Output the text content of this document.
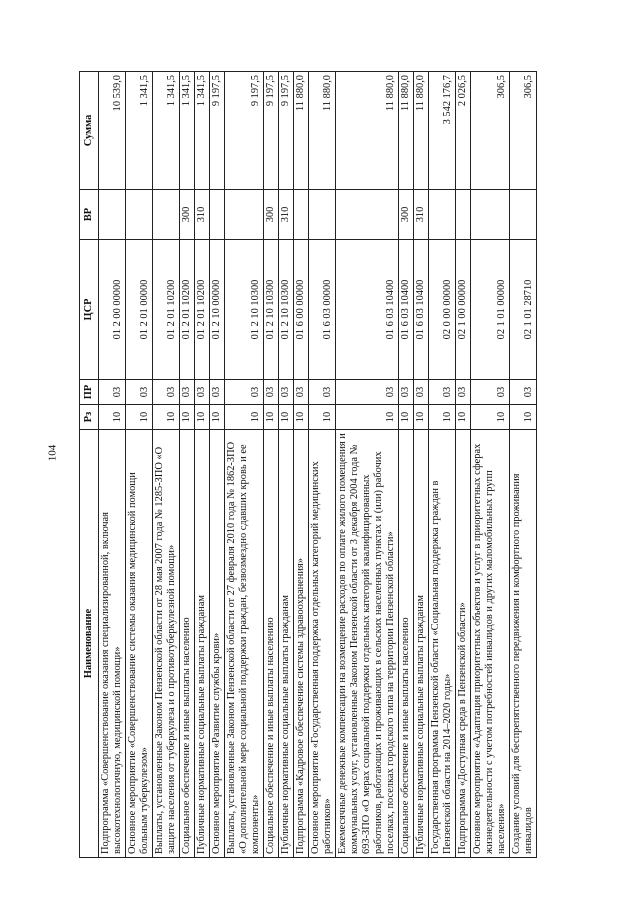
104
Наименование	Рз	ПР	ЦСР	ВР	Сумма
Подпрограмма «Совершенствование оказания специализированной, включая высокотехнологичную, медицинской помощи»	10	03	01 2 00 00000		10 539,0
Основное мероприятие «Совершенствование системы оказания медицинской помощи больным туберкулезом»	10	03	01 2 01 00000		1 341,5
Выплаты, установленные Законом Пензенской области от 28 мая 2007 года № 1285-ЗПО «О защите населения от туберкулеза и о противотуберкулезной помощи»	10	03	01 2 01 10200		1 341,5
Социальное обеспечение и иные выплаты населению	10	03	01 2 01 10200	300	1 341,5
Публичные нормативные социальные выплаты гражданам	10	03	01 2 01 10200	310	1 341,5
Основное мероприятие «Развитие службы крови»	10	03	01 2 10 00000		9 197,5
Выплаты, установленные Законом Пензенской области от 27 февраля 2010 года № 1862-ЗПО «О дополнительной мере социальной поддержки граждан, безвозмездно сдавших кровь и ее компоненты»	10	03	01 2 10 10300		9 197,5
Социальное обеспечение и иные выплаты населению	10	03	01 2 10 10300	300	9 197,5
Публичные нормативные социальные выплаты гражданам	10	03	01 2 10 10300	310	9 197,5
Подпрограмма «Кадровое обеспечение системы здравоохранения»	10	03	01 6 00 00000		11 880,0
Основное мероприятие «Государственная поддержка отдельных категорий медицинских работников»	10	03	01 6 03 00000		11 880,0
Ежемесячные денежные компенсации на возмещение расходов по оплате жилого помещения и коммунальных услуг, установленные Законом Пензенской области от 3 декабря 2004 года № 693-ЗПО «О мерах социальной поддержки отдельных категорий квалифицированных работников, работающих и проживающих в сельских населенных пунктах и (или) рабочих поселках, поселках городского типа на территории Пензенской области»	10	03	01 6 03 10400		11 880,0
Социальное обеспечение и иные выплаты населению	10	03	01 6 03 10400	300	11 880,0
Публичные нормативные социальные выплаты гражданам	10	03	01 6 03 10400	310	11 880,0
Государственная программа Пензенской области «Социальная поддержка граждан в Пензенской области на 2014–2020 годы»	10	03	02 0 00 00000		3 542 176,7
Подпрограмма «Доступная среда в Пензенской области»	10	03	02 1 00 00000		2 026,5
Основное мероприятие «Адаптация приоритетных объектов и услуг в приоритетных сферах жизнедеятельности с учетом потребностей инвалидов и других маломобильных групп населения»	10	03	02 1 01 00000		306,5
Создание условий для беспрепятственного передвижения и комфортного проживания инвалидов	10	03	02 1 01 28710		306,5
